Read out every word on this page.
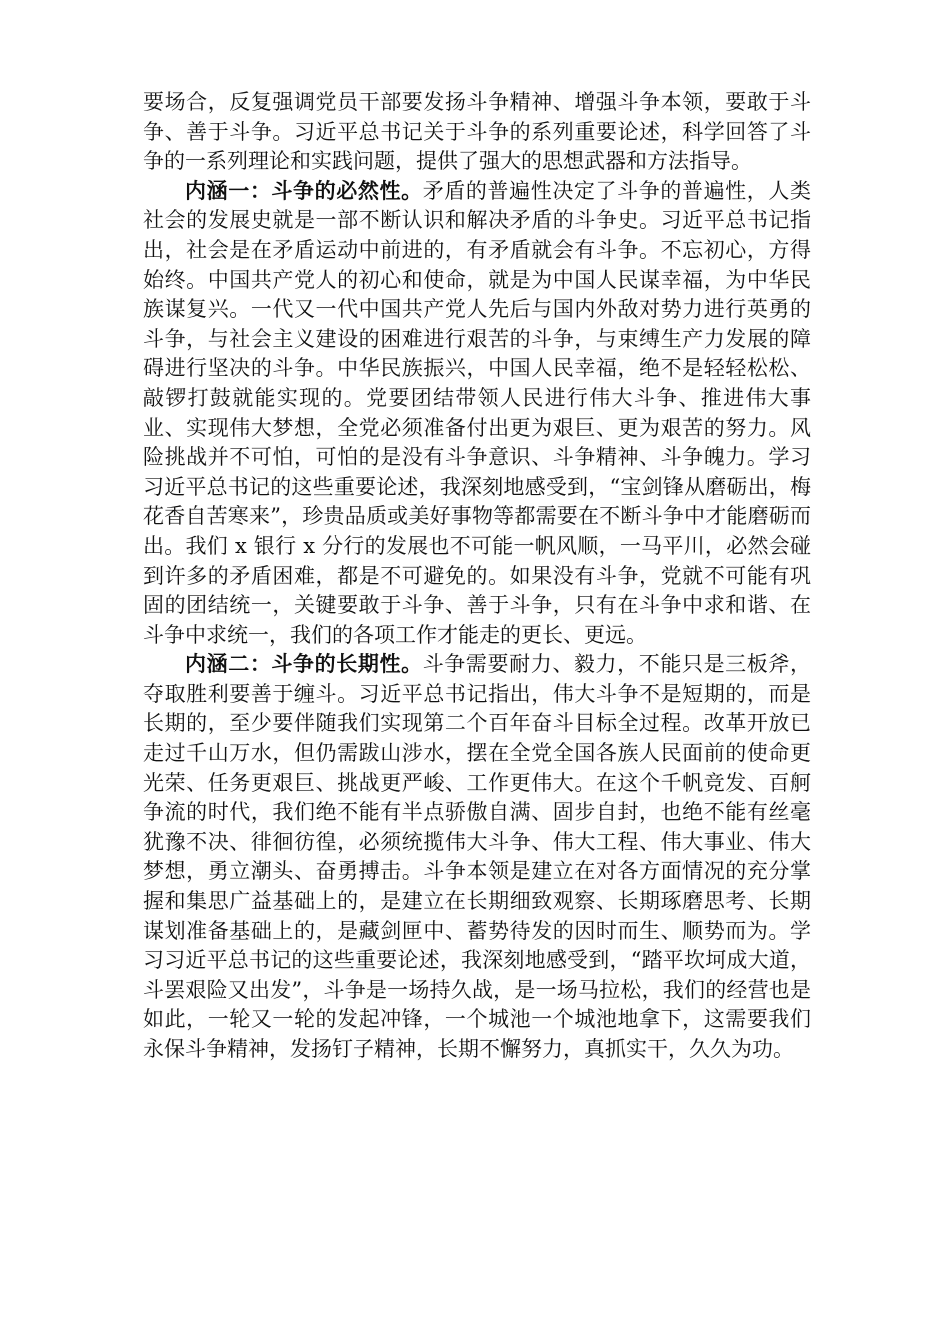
要场合，反复强调党员干部要发扬斗争精神、增强斗争本领，要敢于斗争、善于斗争。习近平总书记关于斗争的系列重要论述，科学回答了斗争的一系列理论和实践问题，提供了强大的思想武器和方法指导。

内涵一：斗争的必然性。矛盾的普遍性决定了斗争的普遍性，人类社会的发展史就是一部不断认识和解决矛盾的斗争史。习近平总书记指出，社会是在矛盾运动中前进的，有矛盾就会有斗争。不忘初心，方得始终。中国共产党人的初心和使命，就是为中国人民谋幸福，为中华民族谋复兴。一代又一代中国共产党人先后与国内外敌对势力进行英勇的斗争，与社会主义建设的困难进行艰苦的斗争，与束缚生产力发展的障碍进行坚决的斗争。中华民族振兴，中国人民幸福，绝不是轻轻松松、敲锣打鼓就能实现的。党要团结带领人民进行伟大斗争、推进伟大事业、实现伟大梦想，全党必须准备付出更为艰巨、更为艰苦的努力。风险挑战并不可怕，可怕的是没有斗争意识、斗争精神、斗争魄力。学习习近平总书记的这些重要论述，我深刻地感受到，“宝剑锋从磨砺出，梅花香自苦寒来”，珍贵品质或美好事物等都需要在不断斗争中才能磨砺而出。我们 x 银行 x 分行的发展也不可能一帆风顺，一马平川，必然会碰到许多的矛盾困难，都是不可避免的。如果没有斗争，党就不可能有巩固的团结统一，关键要敢于斗争、善于斗争，只有在斗争中求和谐、在斗争中求统一，我们的各项工作才能走的更长、更远。

内涵二：斗争的长期性。斗争需要耐力、毅力，不能只是三板斧，夺取胜利要善于缠斗。习近平总书记指出，伟大斗争不是短期的，而是长期的，至少要伴随我们实现第二个百年奋斗目标全过程。改革开放已走过千山万水，但仍需跋山涉水，摆在全党全国各族人民面前的使命更光荣、任务更艰巨、挑战更严峻、工作更伟大。在这个千帆竞发、百舸争流的时代，我们绝不能有半点骄傲自满、固步自封，也绝不能有丝毫犹豫不决、徘徊彷徨，必须统揽伟大斗争、伟大工程、伟大事业、伟大梦想，勇立潮头、奋勇搏击。斗争本领是建立在对各方面情况的充分掌握和集思广益基础上的，是建立在长期细致观察、长期琢磨思考、长期谋划准备基础上的，是藏剑匣中、蓄势待发的因时而生、顺势而为。学习习近平总书记的这些重要论述，我深刻地感受到，“踏平坎坷成大道，斗罢艰险又出发”，斗争是一场持久战，是一场马拉松，我们的经营也是如此，一轮又一轮的发起冲锋，一个城池一个城池地拿下，这需要我们永保斗争精神，发扬钉子精神，长期不懈努力，真抓实干，久久为功。
